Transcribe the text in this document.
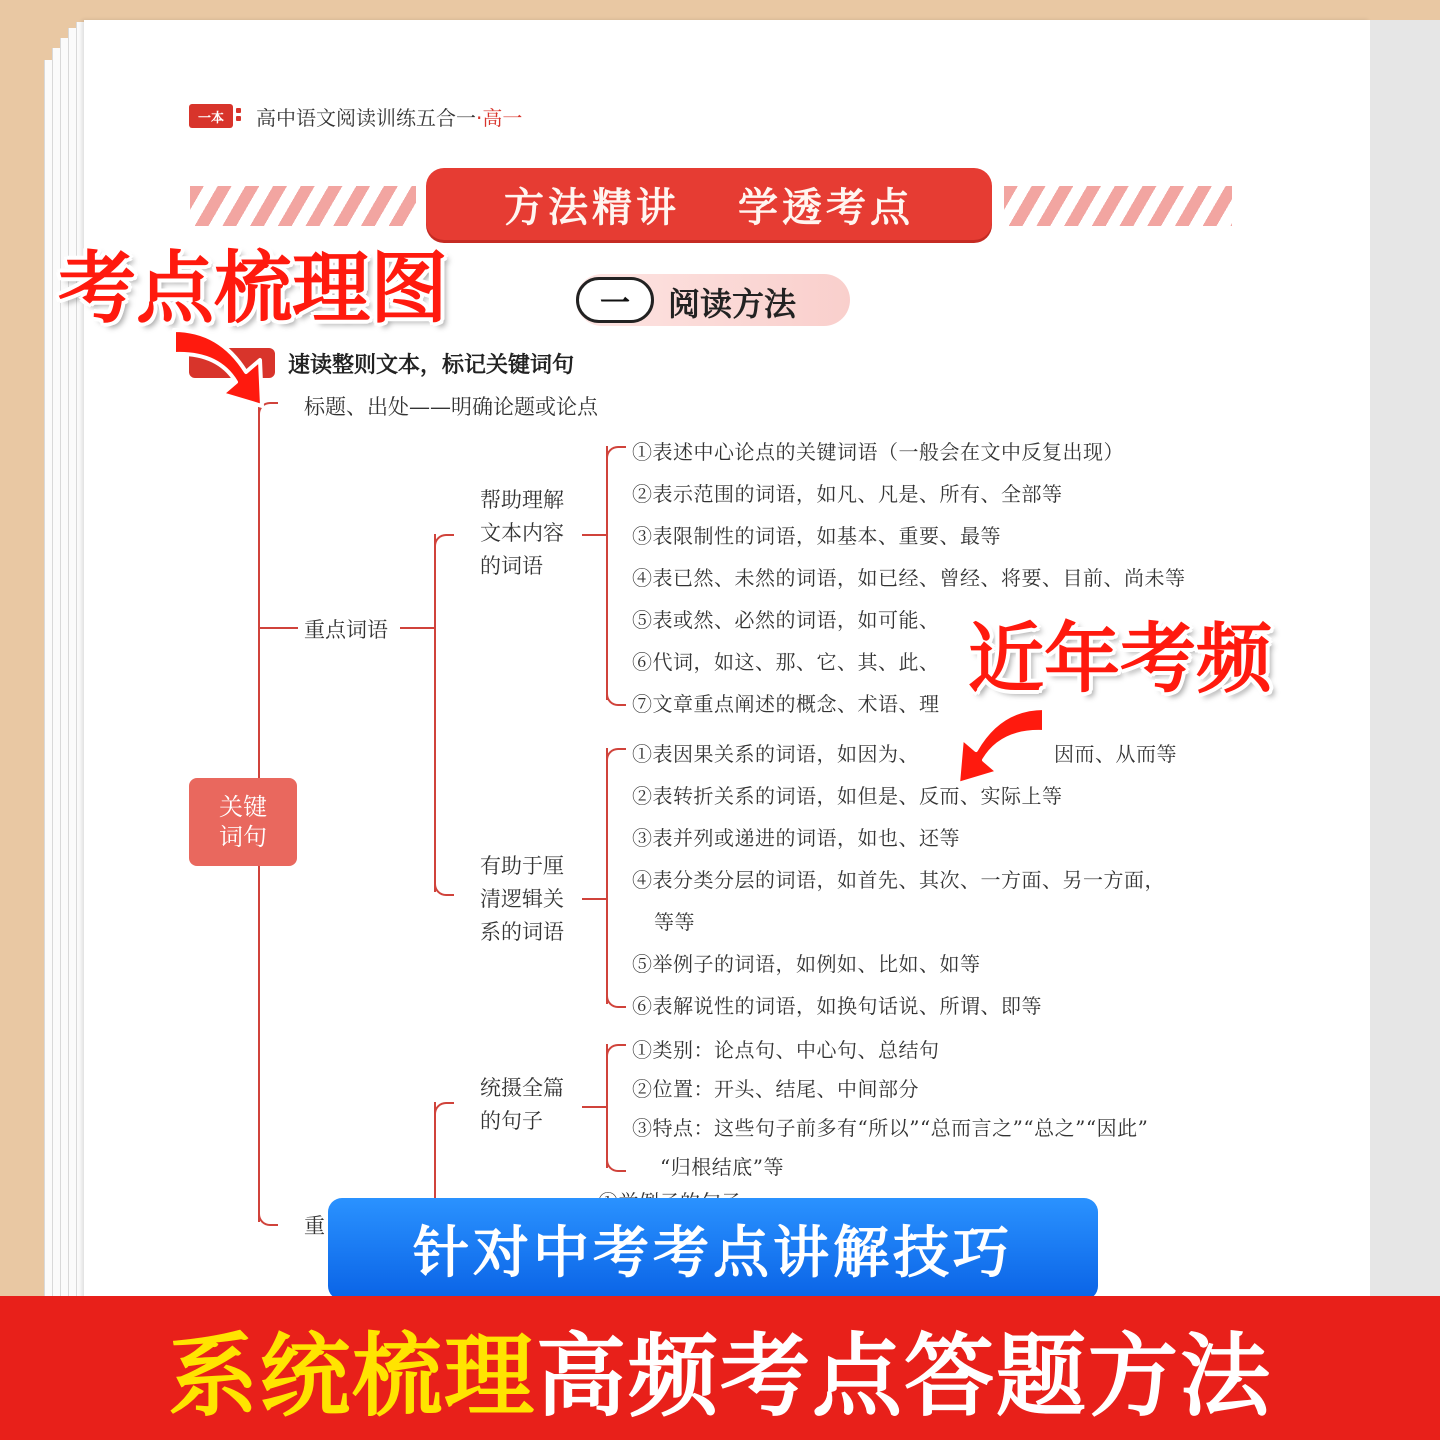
一本	高中语文阅读训练五合一·高一
方法精讲 学透考点
一	阅读方法
速读整则文本，标记关键词句
关键词句
标题、出处——明确论题或论点
重点词语
重
帮助理解
文本内容
的词语
有助于厘
清逻辑关
系的词语
统摄全篇
的句子
①表述中心论点的关键词语（一般会在文中反复出现）
②表示范围的词语，如凡、凡是、所有、全部等
③表限制性的词语，如基本、重要、最等
④表已然、未然的词语，如已经、曾经、将要、目前、尚未等
⑤表或然、必然的词语，如可能、
⑥代词，如这、那、它、其、此、
⑦文章重点阐述的概念、术语、理
①表因果关系的词语，如因为、	因而、从而等
②表转折关系的词语，如但是、反而、实际上等
③表并列或递进的词语，如也、还等
④表分类分层的词语，如首先、其次、一方面、另一方面，
等等
⑤举例子的词语，如例如、比如、如等
⑥表解说性的词语，如换句话说、所谓、即等
①类别：论点句、中心句、总结句
②位置：开头、结尾、中间部分
③特点：这些句子前多有“所以”“总而言之”“总之”“因此”
“归根结底”等
考点梳理图
近年考频
针对中考考点讲解技巧
系统梳理 高频考点答题方法
